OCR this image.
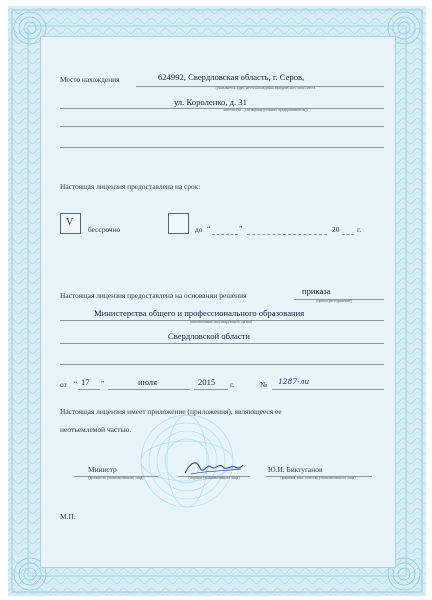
Место нахождения	624992, Свердловская область, г. Серов,
(указывается адрес места нахождения юридического лица (места
ул. Короленко, д. 31
жительства – для индивидуального предпринимателя))
Настоящая лицензия предоставлена на срок:
V
бессрочно	до “	”	20 г.
Настоящая лицензия предоставлена на основании решения	приказа
(приказ/распоряжение)
Министерства общего и профессионального образования
(наименование лицензирующего органа)
Свердловской области
от “ 17 ”	июля	2015 г.	№ 1287-ли
Настоящая лицензия имеет приложение (приложения), являющееся ее
неотъемлемой частью.
Министр
(должность уполномоченного лица)	(подпись уполномоченного лица)
Ю.И. Биктуганов
(фамилия, имя, отчество уполномоченного лица)
М.П.
